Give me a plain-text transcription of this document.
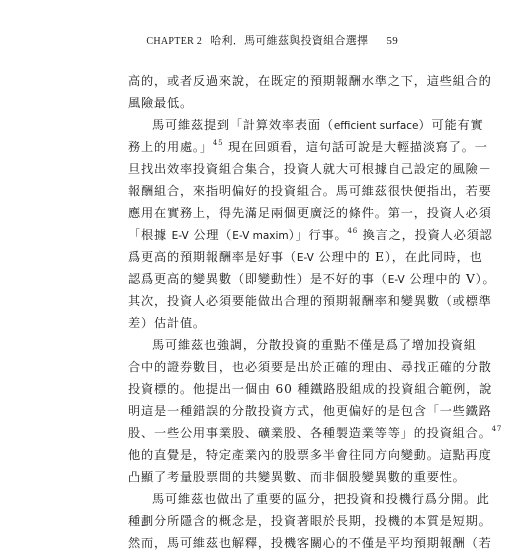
CHAPTER 2 哈利．馬可維茲與投資組合選擇 59
高的，或者反過來說，在既定的預期報酬水準之下，這些組合的
風險最低。
馬可維茲提到「計算效率表面（efficient surface）可能有實
務上的用處。」$^{45}$ 現在回頭看，這句話可說是大輕描淡寫了。一
旦找出效率投資組合集合，投資人就大可根據自己設定的風險－
報酬組合，來指明偏好的投資組合。馬可維茲很快便指出，若要
應用在實務上，得先滿足兩個更廣泛的條件。第一，投資人必須
「根據 E-V 公理（E-V maxim）」行事。$^{46}$ 換言之，投資人必須認
爲更高的預期報酬率是好事（E-V 公理中的 E），在此同時，也
認爲更高的變異數（即變動性）是不好的事（E-V 公理中的 V）。
其次，投資人必須要能做出合理的預期報酬率和變異數（或標準
差）估計值。
馬可維茲也強調，分散投資的重點不僅是爲了增加投資組
合中的證券數目，也必須要是出於正確的理由、尋找正確的分散
投資標的。他提出一個由 60 種鐵路股組成的投資組合範例，說
明這是一種錯誤的分散投資方式，他更偏好的是包含「一些鐵路
股、一些公用事業股、礦業股、各種製造業等等」的投資組合。$^{47}$
他的直覺是，特定產業內的股票多半會往同方向變動。這點再度
凸顯了考量股票間的共變異數、而非個股變異數的重要性。
馬可維茲也做出了重要的區分，把投資和投機行爲分開。此
種劃分所隱含的概念是，投資著眼於長期，投機的本質是短期。
然而，馬可維茲也解釋，投機客關心的不僅是平均預期報酬（若
